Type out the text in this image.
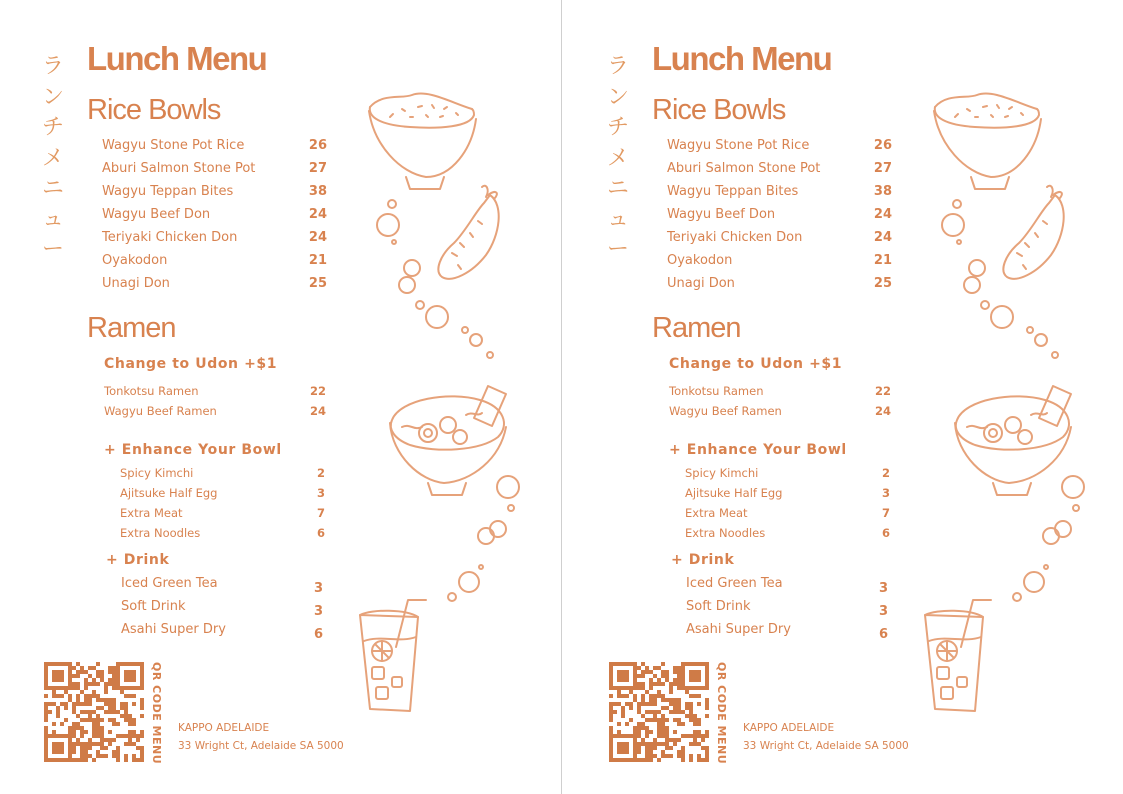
ラ
ン
チ
メ
ニ
ュ
ー
Lunch Menu
Rice Bowls
Wagyu Stone Pot Rice	26
Aburi Salmon Stone Pot	27
Wagyu Teppan Bites	38
Wagyu Beef Don	24
Teriyaki Chicken Don	24
Oyakodon	21
Unagi Don	25
Ramen
Change to Udon +$1
Tonkotsu Ramen	22
Wagyu Beef Ramen	24
+ Enhance Your Bowl
Spicy Kimchi	2
Ajitsuke Half Egg	3
Extra Meat	7
Extra Noodles	6
+ Drink
Iced Green Tea	3
Soft Drink	3
Asahi Super Dry	6
QR CODE MENU KAPPO ADELAIDE
33 Wright Ct, Adelaide SA 5000
ラ
ン
チ
メ
ニ
ュ
ー
Lunch Menu
Rice Bowls
Wagyu Stone Pot Rice	26
Aburi Salmon Stone Pot	27
Wagyu Teppan Bites	38
Wagyu Beef Don	24
Teriyaki Chicken Don	24
Oyakodon	21
Unagi Don	25
Ramen
Change to Udon +$1
Tonkotsu Ramen	22
Wagyu Beef Ramen	24
+ Enhance Your Bowl
Spicy Kimchi	2
Ajitsuke Half Egg	3
Extra Meat	7
Extra Noodles	6
+ Drink
Iced Green Tea	3
Soft Drink	3
Asahi Super Dry	6
QR CODE MENU KAPPO ADELAIDE
33 Wright Ct, Adelaide SA 5000
